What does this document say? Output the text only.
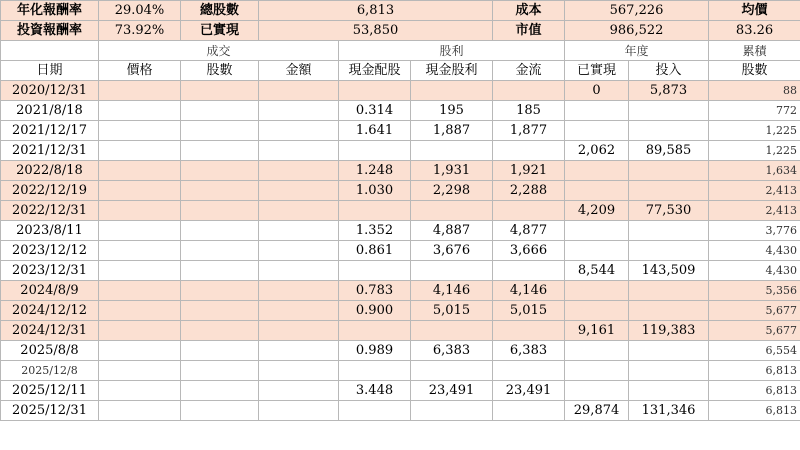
年化報酬率	29.04%	總股數	6,813			成本	567,226		均價
投資報酬率	73.92%	已實現	53,850			市值	986,522		83.26
	成交			股利			年度		累積
日期	價格	股數	金額	現金配股	現金股利	金流	已實現	投入	股數
2020/12/31							0	5,873	88
2021/8/18				0.314	195	185			772
2021/12/17				1.641	1,887	1,877			1,225
2021/12/31							2,062	89,585	1,225
2022/8/18				1.248	1,931	1,921			1,634
2022/12/19				1.030	2,298	2,288			2,413
2022/12/31							4,209	77,530	2,413
2023/8/11				1.352	4,887	4,877			3,776
2023/12/12				0.861	3,676	3,666			4,430
2023/12/31							8,544	143,509	4,430
2024/8/9				0.783	4,146	4,146			5,356
2024/12/12				0.900	5,015	5,015			5,677
2024/12/31							9,161	119,383	5,677
2025/8/8				0.989	6,383	6,383			6,554
2025/12/8									6,813
2025/12/11				3.448	23,491	23,491			6,813
2025/12/31							29,874	131,346	6,813
